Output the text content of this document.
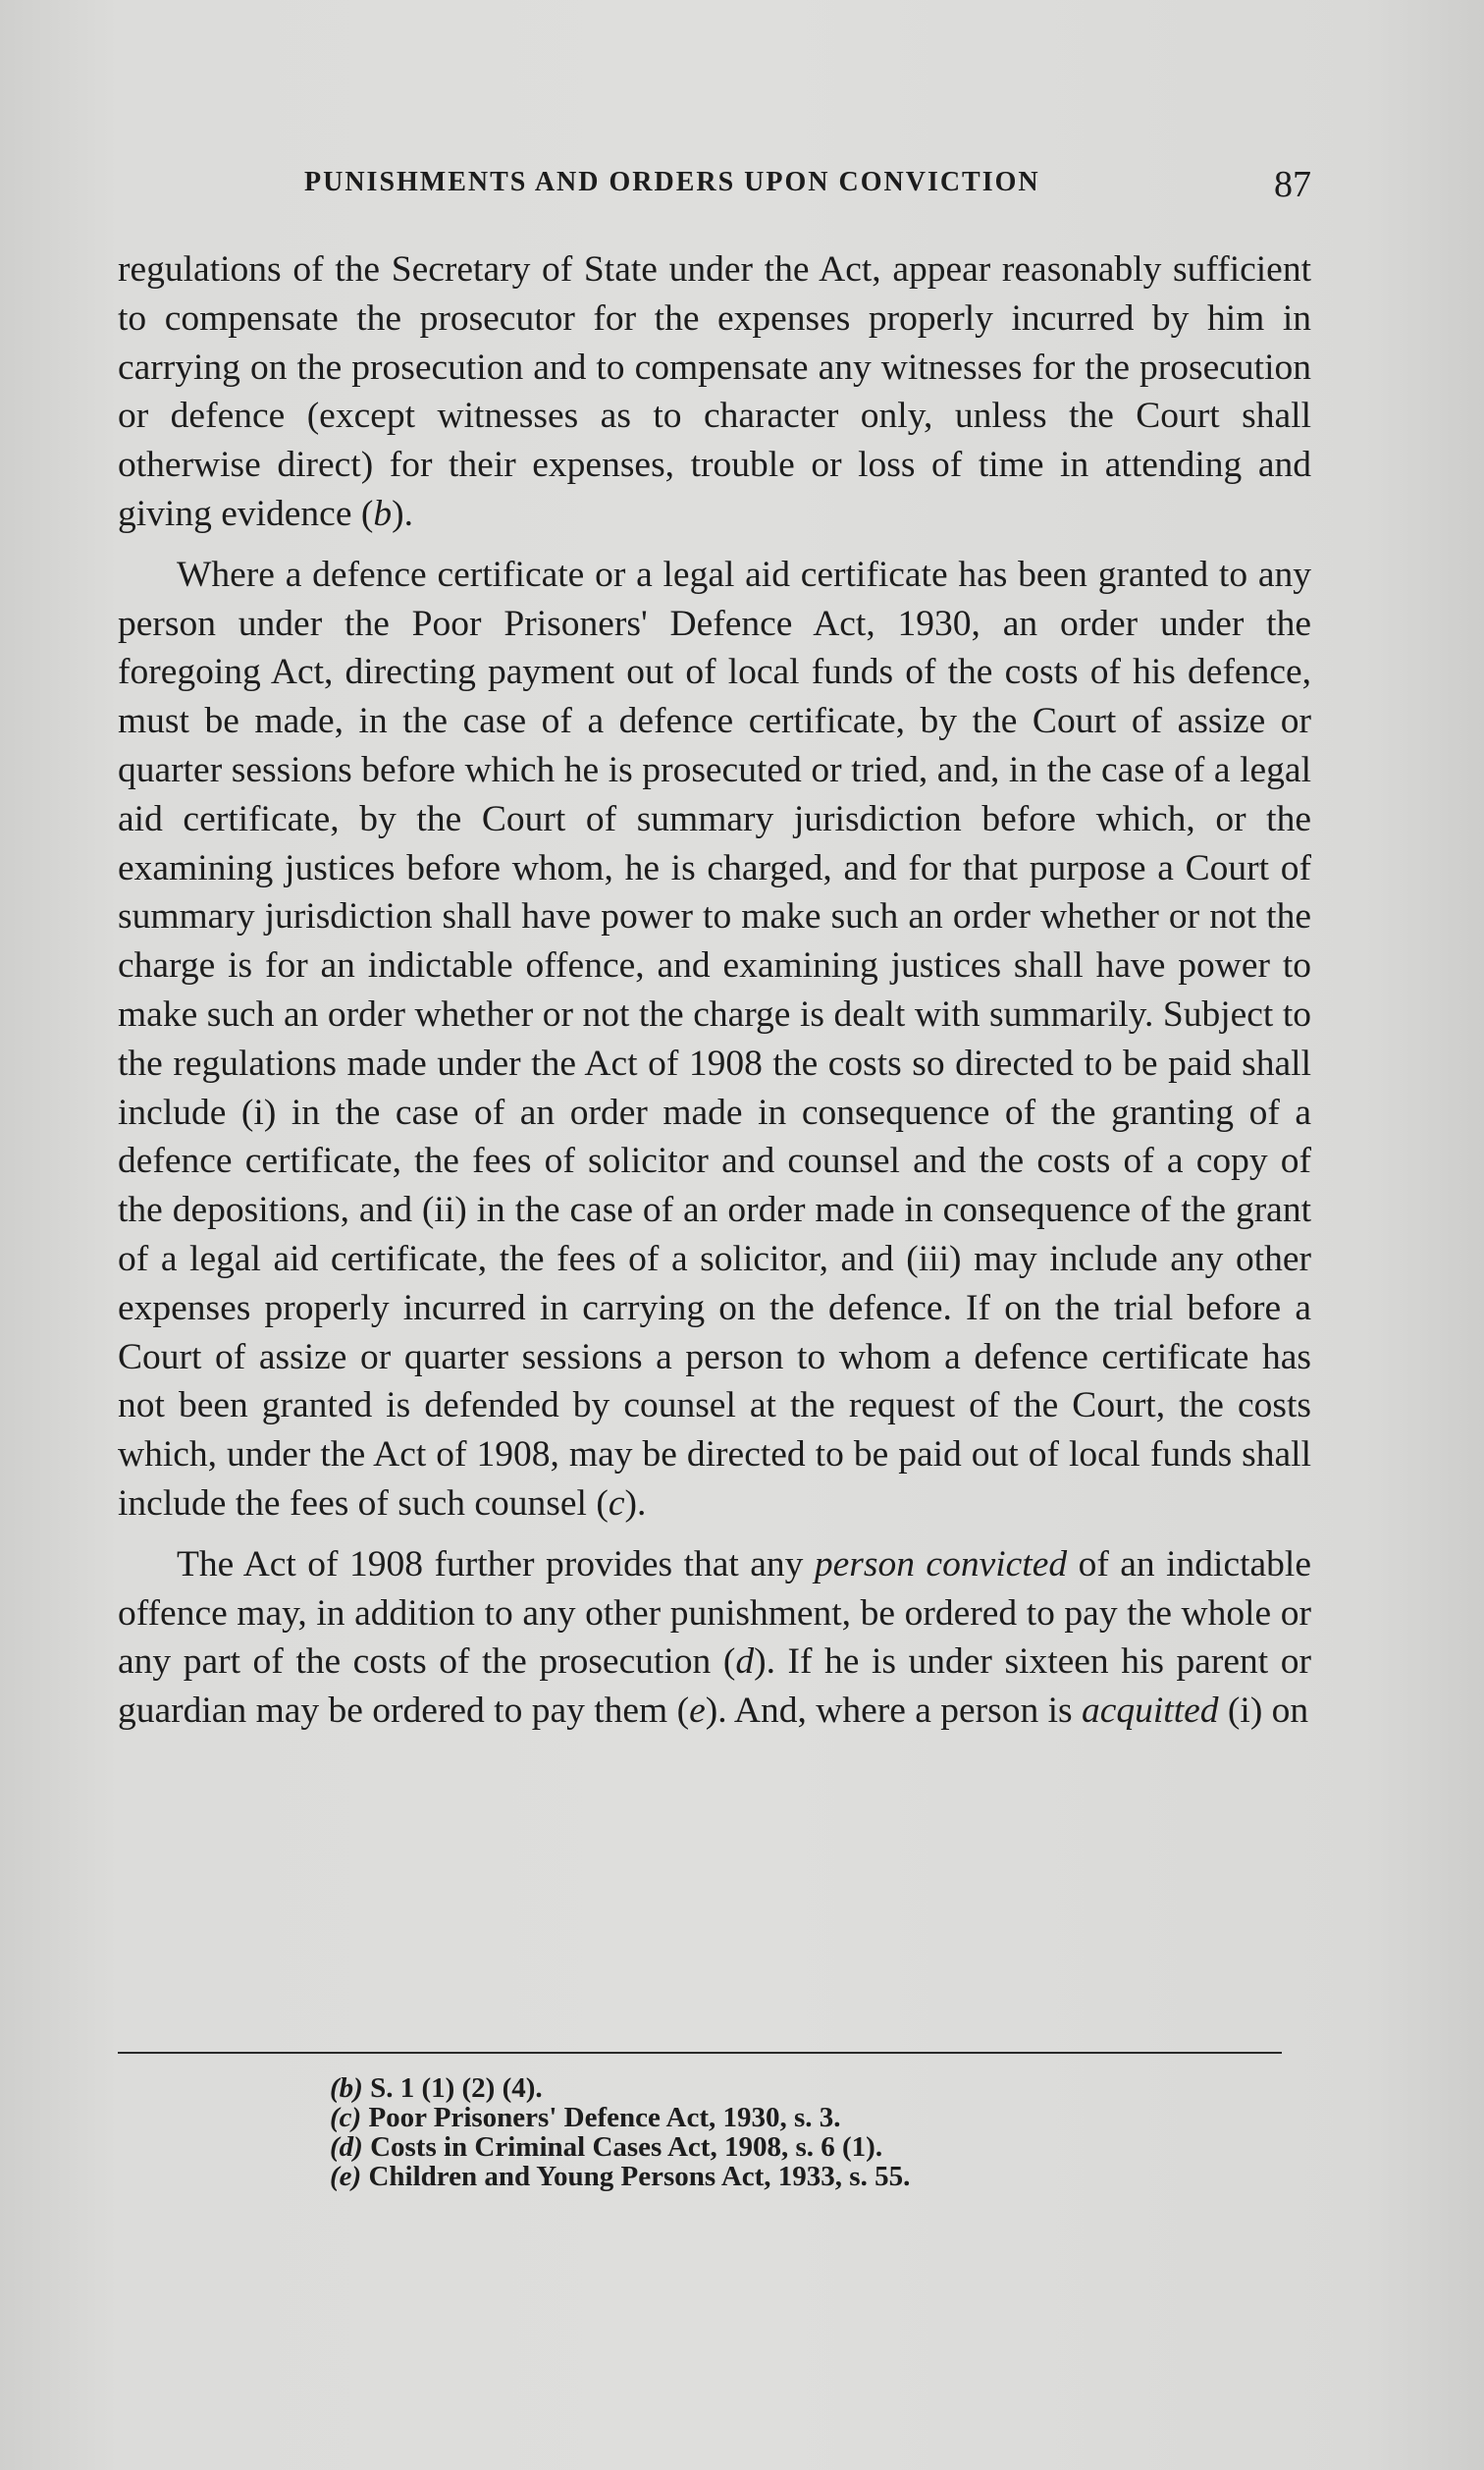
PUNISHMENTS AND ORDERS UPON CONVICTION	87

regulations of the Secretary of State under the Act, appear reasonably sufficient to compensate the prosecutor for the expenses properly incurred by him in carrying on the prosecution and to compensate any witnesses for the prosecution or defence (except witnesses as to character only, unless the Court shall otherwise direct) for their expenses, trouble or loss of time in attending and giving evidence (b).

Where a defence certificate or a legal aid certificate has been granted to any person under the Poor Prisoners' Defence Act, 1930, an order under the foregoing Act, directing payment out of local funds of the costs of his defence, must be made, in the case of a defence certificate, by the Court of assize or quarter sessions before which he is prosecuted or tried, and, in the case of a legal aid certificate, by the Court of summary jurisdiction before which, or the examining justices before whom, he is charged, and for that purpose a Court of summary jurisdiction shall have power to make such an order whether or not the charge is for an indictable offence, and examining justices shall have power to make such an order whether or not the charge is dealt with summarily. Subject to the regulations made under the Act of 1908 the costs so directed to be paid shall include (i) in the case of an order made in consequence of the granting of a defence certificate, the fees of solicitor and counsel and the costs of a copy of the depositions, and (ii) in the case of an order made in consequence of the grant of a legal aid certificate, the fees of a solicitor, and (iii) may include any other expenses properly incurred in carrying on the defence. If on the trial before a Court of assize or quarter sessions a person to whom a defence certificate has not been granted is defended by counsel at the request of the Court, the costs which, under the Act of 1908, may be directed to be paid out of local funds shall include the fees of such counsel (c).

The Act of 1908 further provides that any person convicted of an indictable offence may, in addition to any other punishment, be ordered to pay the whole or any part of the costs of the prosecution (d). If he is under sixteen his parent or guardian may be ordered to pay them (e). And, where a person is acquitted (i) on

(b) S. 1 (1) (2) (4).
(c) Poor Prisoners' Defence Act, 1930, s. 3.
(d) Costs in Criminal Cases Act, 1908, s. 6 (1).
(e) Children and Young Persons Act, 1933, s. 55.
